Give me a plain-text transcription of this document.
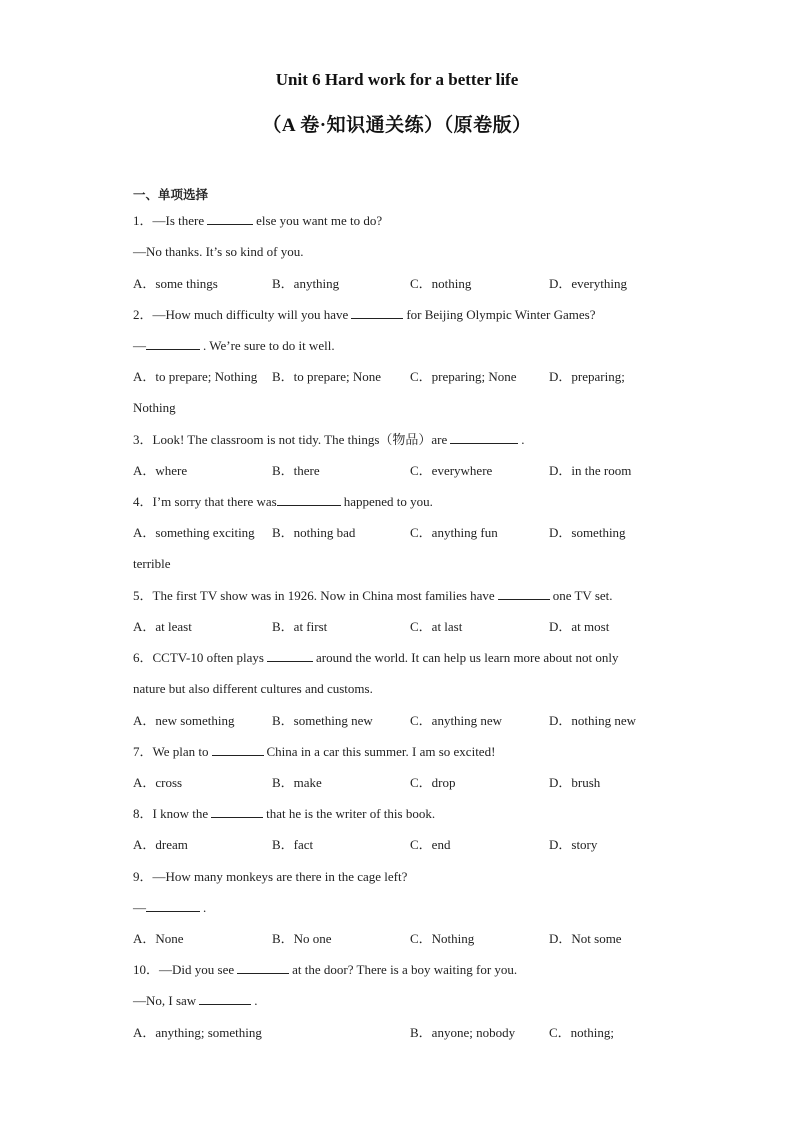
Unit 6 Hard work for a better life
（A 卷·知识通关练）（原卷版）
一、单项选择
1．—Is there	else you want me to do?
—No thanks. It’s so kind of you.
A．some things	B．anything	C．nothing	D．everything
2．—How much difficulty will you have	for Beijing Olympic Winter Games?
—	. We’re sure to do it well.
A．to prepare; Nothing B．to prepare; None C．preparing; None D．preparing;
Nothing
3．Look! The classroom is not tidy. The things（物品）are	.
A．where	B．there	C．everywhere	D．in the room
4．I’m sorry that there was	happened to you.
A．something exciting B．nothing bad	C．anything fun	D．something
terrible
5．The first TV show was in 1926. Now in China most families have	one TV set.
A．at least	B．at first	C．at last	D．at most
6．CCTV-10 often plays	around the world. It can help us learn more about not only
nature but also different cultures and customs.
A．new something	B．something new	C．anything new	D．nothing new
7．We plan to	China in a car this summer. I am so excited!
A．cross	B．make	C．drop	D．brush
8．I know the	that he is the writer of this book.
A．dream	B．fact	C．end	D．story
9．—How many monkeys are there in the cage left?
—	.
A．None	B．No one	C．Nothing	D．Not some
10．—Did you see	at the door? There is a boy waiting for you.
—No, I saw	.
A．anything; something	B．anyone; nobody	C．nothing;
